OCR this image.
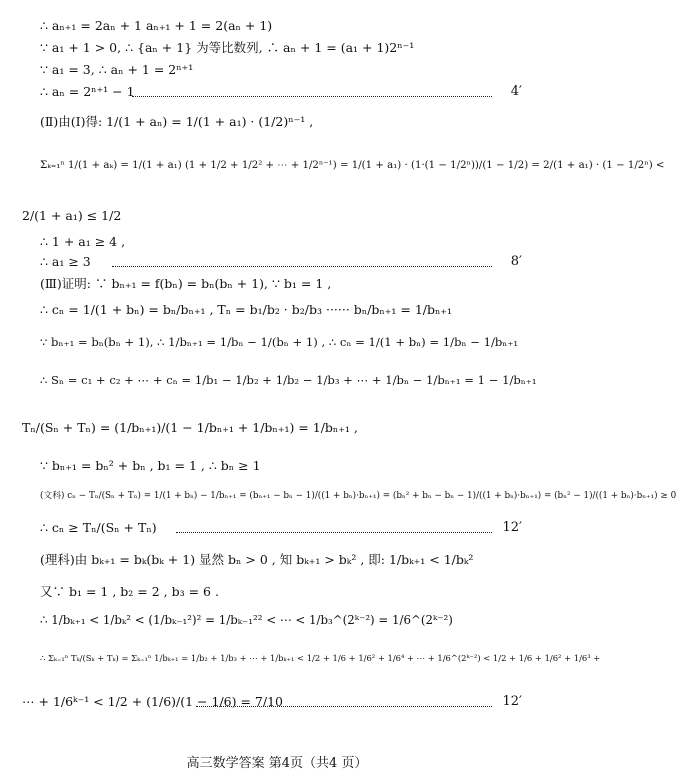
∴ aₙ₊₁ = 2aₙ + 1 aₙ₊₁ + 1 = 2(aₙ + 1)
∵ a₁ + 1 > 0, ∴ {aₙ + 1} 为等比数列, ∴ aₙ + 1 = (a₁ + 1)2ⁿ⁻¹
∵ a₁ = 3, ∴ aₙ + 1 = 2ⁿ⁺¹
∴ aₙ = 2ⁿ⁺¹ − 1	4′
(Ⅱ)由(Ⅰ)得: 1/(1 + aₙ) = 1/(1 + a₁) · (1/2)ⁿ⁻¹ ,
Σₖ₌₁ⁿ 1/(1 + aₖ) = 1/(1 + a₁) (1 + 1/2 + 1/2² + ⋯ + 1/2ⁿ⁻¹) = 1/(1 + a₁) · (1·(1 − 1/2ⁿ))/(1 − 1/2) = 2/(1 + a₁) · (1 − 1/2ⁿ) <
2/(1 + a₁) ≤ 1/2
∴ 1 + a₁ ≥ 4 ,
∴ a₁ ≥ 3	8′
(Ⅲ)证明: ∵ bₙ₊₁ = f(bₙ) = bₙ(bₙ + 1), ∵ b₁ = 1 ,
∴ cₙ = 1/(1 + bₙ) = bₙ/bₙ₊₁ , Tₙ = b₁/b₂ · b₂/b₃ ······ bₙ/bₙ₊₁ = 1/bₙ₊₁
∵ bₙ₊₁ = bₙ(bₙ + 1), ∴ 1/bₙ₊₁ = 1/bₙ − 1/(bₙ + 1) , ∴ cₙ = 1/(1 + bₙ) = 1/bₙ − 1/bₙ₊₁
∴ Sₙ = c₁ + c₂ + ⋯ + cₙ = 1/b₁ − 1/b₂ + 1/b₂ − 1/b₃ + ⋯ + 1/bₙ − 1/bₙ₊₁ = 1 − 1/bₙ₊₁
Tₙ/(Sₙ + Tₙ) = (1/bₙ₊₁)/(1 − 1/bₙ₊₁ + 1/bₙ₊₁) = 1/bₙ₊₁ ,
∵ bₙ₊₁ = bₙ² + bₙ , b₁ = 1 , ∴ bₙ ≥ 1
(文科) cₙ − Tₙ/(Sₙ + Tₙ) = 1/(1 + bₙ) − 1/bₙ₊₁ = (bₙ₊₁ − bₙ − 1)/((1 + bₙ)·bₙ₊₁) = (bₙ² + bₙ − bₙ − 1)/((1 + bₙ)·bₙ₊₁) = (bₙ² − 1)/((1 + bₙ)·bₙ₊₁) ≥ 0
∴ cₙ ≥ Tₙ/(Sₙ + Tₙ)	12′
(理科)由 bₖ₊₁ = bₖ(bₖ + 1) 显然 bₙ > 0 , 知 bₖ₊₁ > bₖ² , 即: 1/bₖ₊₁ < 1/bₖ²
又∵ b₁ = 1 , b₂ = 2 , b₃ = 6 .
∴ 1/bₖ₊₁ < 1/bₖ² < (1/bₖ₋₁²)² = 1/bₖ₋₁²² < ⋯ < 1/b₃^(2ᵏ⁻²) = 1/6^(2ᵏ⁻²)
∴ Σₖ₌₁ⁿ Tₖ/(Sₖ + Tₖ) = Σₖ₌₁ⁿ 1/bₖ₊₁ = 1/b₂ + 1/b₃ + ⋯ + 1/bₖ₊₁ < 1/2 + 1/6 + 1/6² + 1/6⁴ + ⋯ + 1/6^(2ᵏ⁻²) < 1/2 + 1/6 + 1/6² + 1/6³ +
⋯ + 1/6ᵏ⁻¹ < 1/2 + (1/6)/(1 − 1/6) = 7/10	12′
高三数学答案 第4页（共4 页）
